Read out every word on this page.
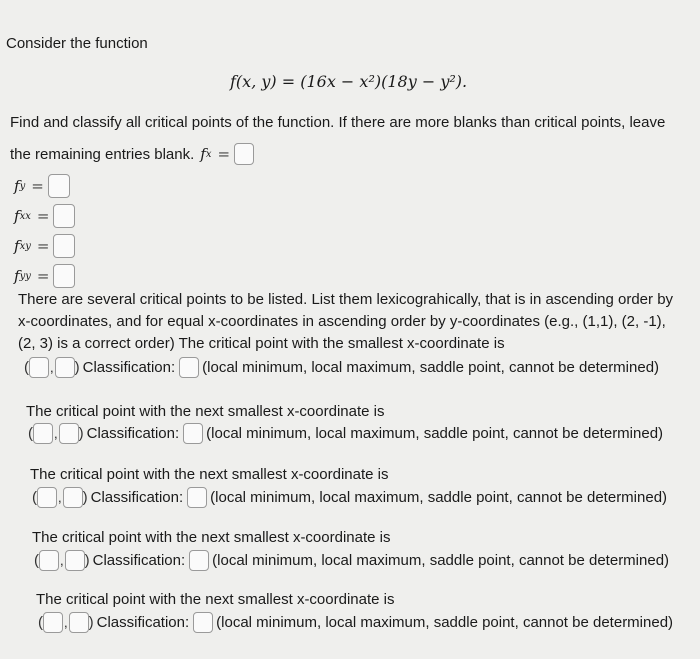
Consider the function
f(x, y) = (16x − x²)(18y − y²).
Find and classify all critical points of the function. If there are more blanks than critical points, leave
the remaining entries blank. f x =
f y =
f xx =
f xy =
f yy =
There are several critical points to be listed. List them lexicograhically, that is in ascending order by
x-coordinates, and for equal x-coordinates in ascending order by y-coordinates (e.g., (1,1), (2, -1),
(2, 3) is a correct order) The critical point with the smallest x-coordinate is
( , ) Classification: (local minimum, local maximum, saddle point, cannot be determined)
The critical point with the next smallest x-coordinate is
( , ) Classification: (local minimum, local maximum, saddle point, cannot be determined)
The critical point with the next smallest x-coordinate is
( , ) Classification: (local minimum, local maximum, saddle point, cannot be determined)
The critical point with the next smallest x-coordinate is
( , ) Classification: (local minimum, local maximum, saddle point, cannot be determined)
The critical point with the next smallest x-coordinate is
( , ) Classification: (local minimum, local maximum, saddle point, cannot be determined)
